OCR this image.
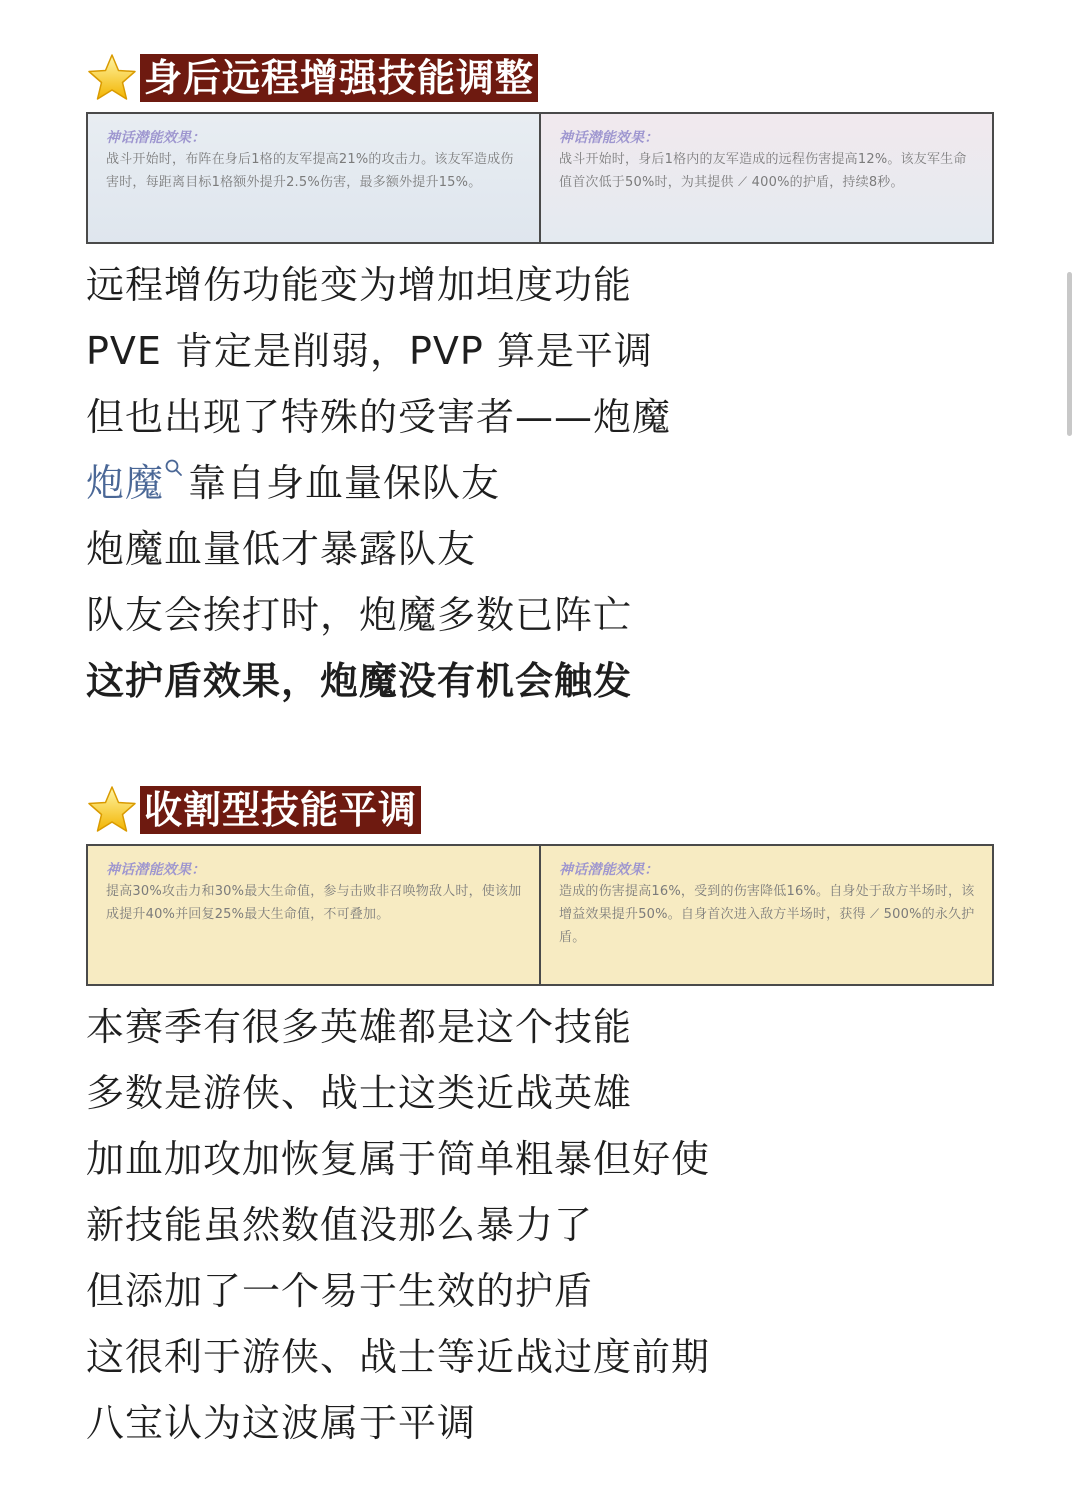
身后远程增强技能调整
神话潜能效果：
战斗开始时，布阵在身后1格的友军提高21%的攻击力。该友军造成伤害时，每距离目标1格额外提升2.5%伤害，最多额外提升15%。
神话潜能效果：
战斗开始时，身后1格内的友军造成的远程伤害提高12%。该友军生命值首次低于50%时，为其提供 ⟋ 400%的护盾，持续8秒。
远程增伤功能变为增加坦度功能
PVE 肯定是削弱，PVP 算是平调
但也出现了特殊的受害者——炮魔
炮魔 靠自身血量保队友
炮魔血量低才暴露队友
队友会挨打时，炮魔多数已阵亡
这护盾效果，炮魔没有机会触发
收割型技能平调
神话潜能效果：
提高30%攻击力和30%最大生命值，参与击败非召唤物敌人时，使该加成提升40%并回复25%最大生命值，不可叠加。
神话潜能效果：
造成的伤害提高16%，受到的伤害降低16%。自身处于敌方半场时，该增益效果提升50%。自身首次进入敌方半场时，获得 ⟋ 500%的永久护盾。
本赛季有很多英雄都是这个技能
多数是游侠、战士这类近战英雄
加血加攻加恢复属于简单粗暴但好使
新技能虽然数值没那么暴力了
但添加了一个易于生效的护盾
这很利于游侠、战士等近战过度前期
八宝认为这波属于平调
